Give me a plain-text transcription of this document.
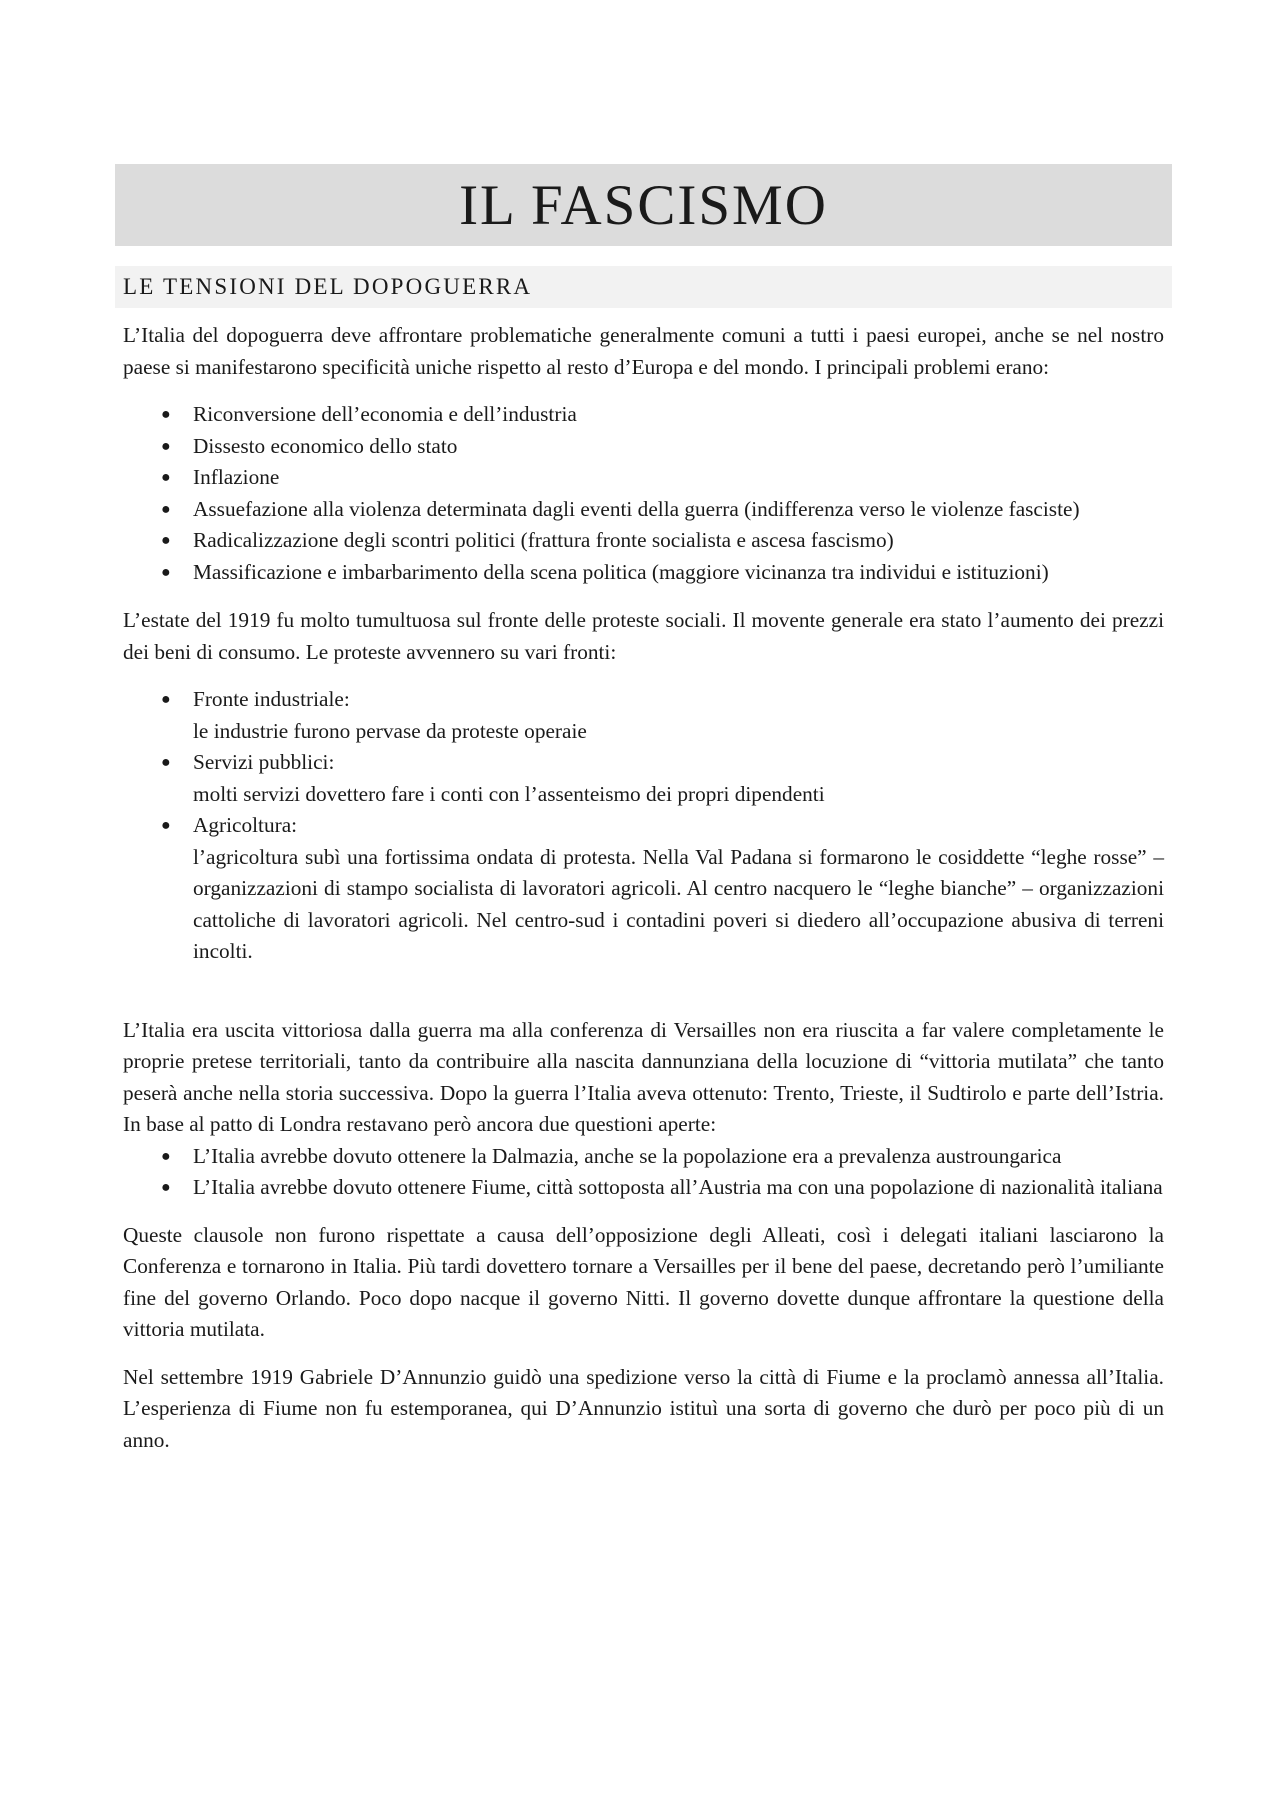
IL FASCISMO
LE TENSIONI DEL DOPOGUERRA

L’Italia del dopoguerra deve affrontare problematiche generalmente comuni a tutti i paesi europei, anche se nel nostro paese si manifestarono specificità uniche rispetto al resto d’Europa e del mondo. I principali problemi erano:

● Riconversione dell’economia e dell’industria
● Dissesto economico dello stato
● Inflazione
● Assuefazione alla violenza determinata dagli eventi della guerra (indifferenza verso le violenze fasciste)
● Radicalizzazione degli scontri politici (frattura fronte socialista e ascesa fascismo)
● Massificazione e imbarbarimento della scena politica (maggiore vicinanza tra individui e istituzioni)

L’estate del 1919 fu molto tumultuosa sul fronte delle proteste sociali. Il movente generale era stato l’aumento dei prezzi dei beni di consumo. Le proteste avvennero su vari fronti:

● Fronte industriale:
le industrie furono pervase da proteste operaie
● Servizi pubblici:
molti servizi dovettero fare i conti con l’assenteismo dei propri dipendenti
● Agricoltura:
l’agricoltura subì una fortissima ondata di protesta. Nella Val Padana si formarono le cosiddette “leghe rosse” – organizzazioni di stampo socialista di lavoratori agricoli. Al centro nacquero le “leghe bianche” – organizzazioni cattoliche di lavoratori agricoli. Nel centro-sud i contadini poveri si diedero all’occupazione abusiva di terreni incolti.

L’Italia era uscita vittoriosa dalla guerra ma alla conferenza di Versailles non era riuscita a far valere completamente le proprie pretese territoriali, tanto da contribuire alla nascita dannunziana della locuzione di “vittoria mutilata” che tanto peserà anche nella storia successiva. Dopo la guerra l’Italia aveva ottenuto: Trento, Trieste, il Sudtirolo e parte dell’Istria. In base al patto di Londra restavano però ancora due questioni aperte:

● L’Italia avrebbe dovuto ottenere la Dalmazia, anche se la popolazione era a prevalenza austroungarica
● L’Italia avrebbe dovuto ottenere Fiume, città sottoposta all’Austria ma con una popolazione di nazionalità italiana

Queste clausole non furono rispettate a causa dell’opposizione degli Alleati, così i delegati italiani lasciarono la Conferenza e tornarono in Italia. Più tardi dovettero tornare a Versailles per il bene del paese, decretando però l’umiliante fine del governo Orlando. Poco dopo nacque il governo Nitti. Il governo dovette dunque affrontare la questione della vittoria mutilata.

Nel settembre 1919 Gabriele D’Annunzio guidò una spedizione verso la città di Fiume e la proclamò annessa all’Italia. L’esperienza di Fiume non fu estemporanea, qui D’Annunzio istituì una sorta di governo che durò per poco più di un anno.
